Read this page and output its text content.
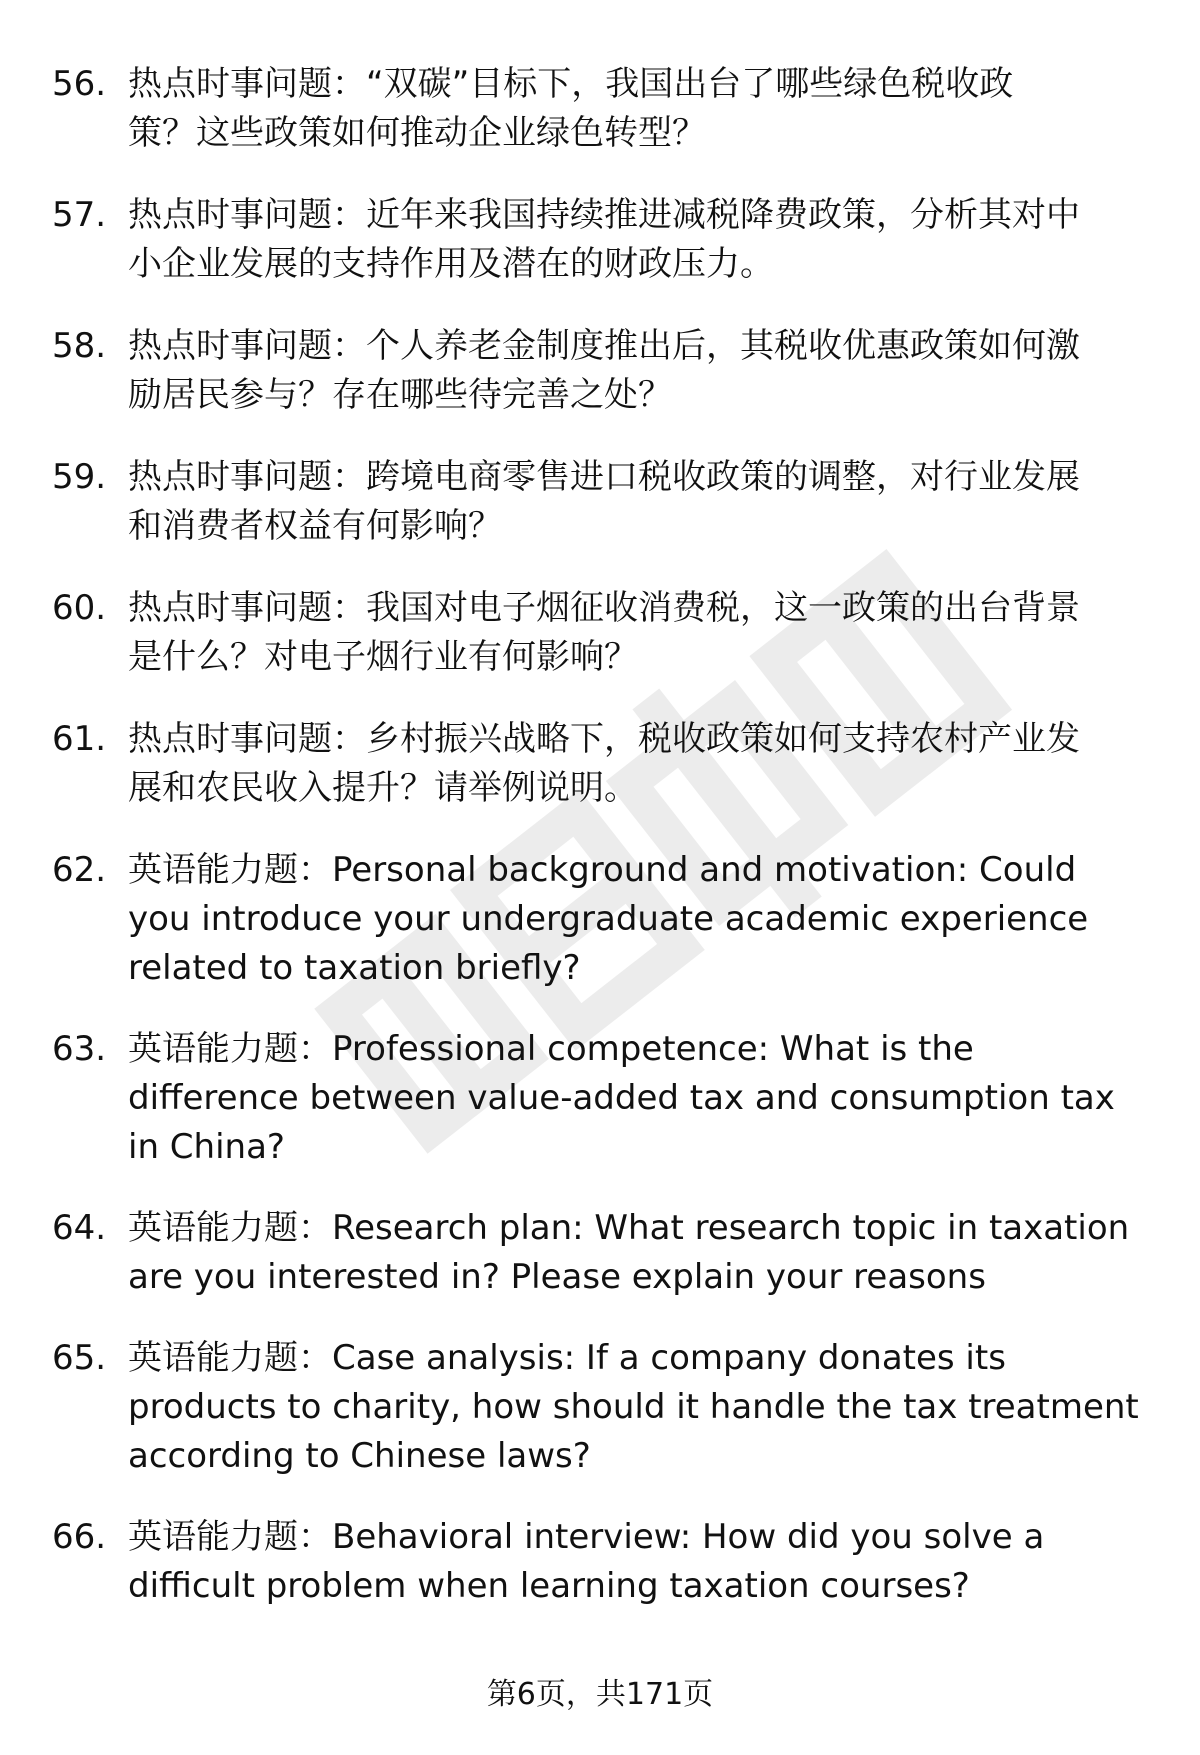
56. 热点时事问题：“双碳”目标下，我国出台了哪些绿色税收政
策？这些政策如何推动企业绿色转型？
57. 热点时事问题：近年来我国持续推进减税降费政策，分析其对中
小企业发展的支持作用及潜在的财政压力。
58. 热点时事问题：个人养老金制度推出后，其税收优惠政策如何激
励居民参与？存在哪些待完善之处？
59. 热点时事问题：跨境电商零售进口税收政策的调整，对行业发展
和消费者权益有何影响？
60. 热点时事问题：我国对电子烟征收消费税，这一政策的出台背景
是什么？对电子烟行业有何影响？
61. 热点时事问题：乡村振兴战略下，税收政策如何支持农村产业发
展和农民收入提升？请举例说明。
62. 英语能力题：Personal background and motivation: Could
you introduce your undergraduate academic experience
related to taxation briefly?
63. 英语能力题：Professional competence: What is the
difference between value-added tax and consumption tax
in China?
64. 英语能力题：Research plan: What research topic in taxation
are you interested in? Please explain your reasons
65. 英语能力题：Case analysis: If a company donates its
products to charity, how should it handle the tax treatment
according to Chinese laws?
66. 英语能力题：Behavioral interview: How did you solve a
difficult problem when learning taxation courses?
第6页，共171页
